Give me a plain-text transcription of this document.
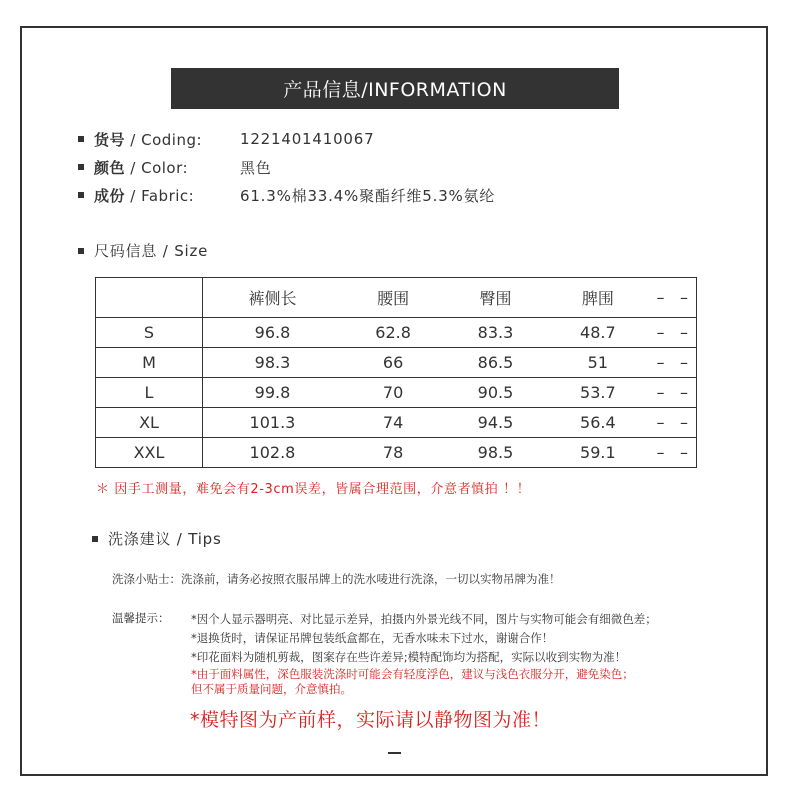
产品信息/INFORMATION
货号 / Coding:	1221401410067
颜色 / Color:	黑色
成份 / Fabric:	61.3%棉33.4%聚酯纤维5.3%氨纶
尺码信息 / Size
	裤侧长	腰围	臀围	脾围	–	–
S	96.8	62.8	83.3	48.7	–	–
M	98.3	66	86.5	51	–	–
L	99.8	70	90.5	53.7	–	–
XL	101.3	74	94.5	56.4	–	–
XXL	102.8	78	98.5	59.1	–	–
＊ 因手工测量，难免会有2-3cm误差，皆属合理范围，介意者慎拍 ！！
洗涤建议 / Tips
洗涤小贴士：洗涤前，请务必按照衣服吊牌上的洗水唛进行洗涤，一切以实物吊牌为准！
温馨提示： *因个人显示器明亮、对比显示差异，拍摄内外景光线不同，图片与实物可能会有细微色差；
*退换货时，请保证吊牌包装纸盒都在，无香水味未下过水，谢谢合作！
*印花面料为随机剪裁，图案存在些许差异;模特配饰均为搭配，实际以收到实物为准！
*由于面料属性，深色服装洗涤时可能会有轻度浮色，建议与浅色衣服分开，避免染色；
但不属于质量问题，介意慎拍。
*模特图为产前样，实际请以静物图为准！
